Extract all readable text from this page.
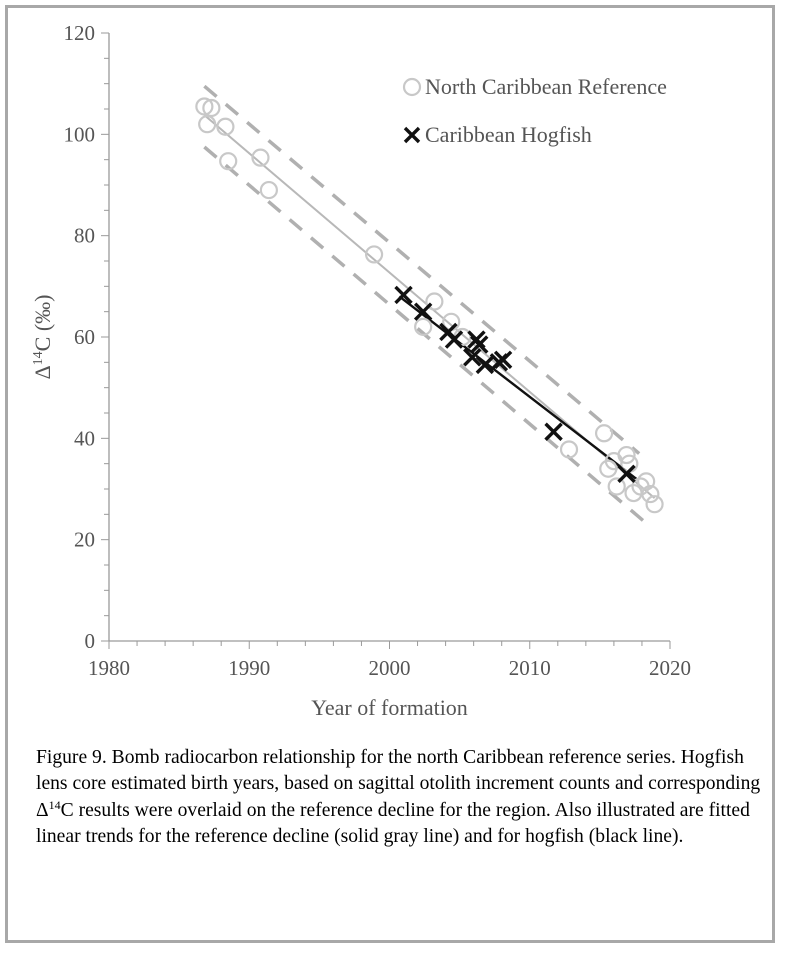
0
20
40
60
80
100
120
1980	1990	2000	2010	2020
North Caribbean Reference
Caribbean Hogfish
Year of formation
$\Delta^{14}C$ (‰)

Figure 9. Bomb radiocarbon relationship for the north Caribbean reference series. Hogfish lens core estimated birth years, based on sagittal otolith increment counts and corresponding $\Delta^{14}C$ results were overlaid on the reference decline for the region. Also illustrated are fitted linear trends for the reference decline (solid gray line) and for hogfish (black line).
